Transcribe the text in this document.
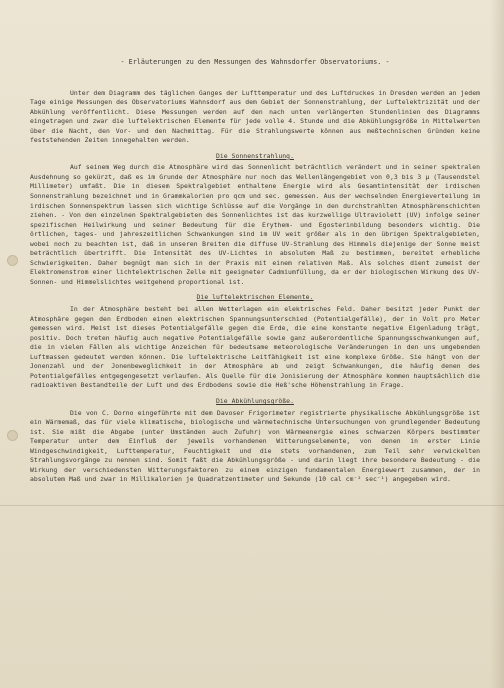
- Erläuterungen zu den Messungen des Wahnsdorfer Observatoriums. -

Unter dem Diagramm des täglichen Ganges der Lufttemperatur und des Luftdruckes in Dresden werden an jedem Tage einige Messungen des Observatoriums Wahnsdorf aus dem Gebiet der Sonnenstrahlung, der Luftelektrizität und der Abkühlung veröffentlicht. Diese Messungen werden auf den nach unten verlängerten Stundenlinien des Diagramms eingetragen und zwar die luftelektrischen Elemente für jede volle 4. Stunde und die Abkühlungsgröße in Mittelwerten über die Nacht, den Vor- und den Nachmittag. Für die Strahlungswerte können aus meßtechnischen Gründen keine feststehenden Zeiten innegehalten werden.

Die Sonnenstrahlung.

Auf seinem Weg durch die Atmosphäre wird das Sonnenlicht beträchtlich verändert und in seiner spektralen Ausdehnung so gekürzt, daß es im Grunde der Atmosphäre nur noch das Wellenlängengebiet von 0,3 bis 3 μ (Tausendstel Millimeter) umfaßt. Die in diesem Spektralgebiet enthaltene Energie wird als Gesamtintensität der irdischen Sonnenstrahlung bezeichnet und in Grammkalorien pro qcm und sec. gemessen. Aus der wechselnden Energieverteilung im irdischen Sonnenspektrum lassen sich wichtige Schlüsse auf die Vorgänge in den durchstrahlten Atmosphärenschichten ziehen. - Von den einzelnen Spektralgebieten des Sonnenlichtes ist das kurzwellige Ultraviolett (UV) infolge seiner spezifischen Heilwirkung und seiner Bedeutung für die Erythem- und Egosterinbildung besonders wichtig. Die örtlichen, tages- und jahreszeitlichen Schwankungen sind im UV weit größer als in den übrigen Spektralgebieten, wobei noch zu beachten ist, daß in unseren Breiten die diffuse UV-Strahlung des Himmels diejenige der Sonne meist beträchtlich übertrifft. Die Intensität des UV-Lichtes in absolutem Maß zu bestimmen, bereitet erhebliche Schwierigkeiten. Daher begnügt man sich in der Praxis mit einem relativen Maß. Als solches dient zumeist der Elektromenstrom einer lichtelektrischen Zelle mit geeigneter Cadmiumfüllung, da er der biologischen Wirkung des UV-Sonnen- und Himmelslichtes weitgehend proportional ist.

Die luftelektrischen Elemente.

In der Atmosphäre besteht bei allen Wetterlagen ein elektrisches Feld. Daher besitzt jeder Punkt der Atmosphäre gegen den Erdboden einen elektrischen Spannungsunterschied (Potentialgefälle), der in Volt pro Meter gemessen wird. Meist ist dieses Potentialgefälle gegen die Erde, die eine konstante negative Eigenladung trägt, positiv. Doch treten häufig auch negative Potentialgefälle sowie ganz außerordentliche Spannungsschwankungen auf, die in vielen Fällen als wichtige Anzeichen für bedeutsame meteorologische Veränderungen in den uns umgebenden Luftmassen gedeutet werden können. Die luftelektrische Leitfähigkeit ist eine komplexe Größe. Sie hängt von der Jonenzahl und der Jonenbeweglichkeit in der Atmosphäre ab und zeigt Schwankungen, die häufig denen des Potentialgefälles entgegengesetzt verlaufen. Als Quelle für die Jonisierung der Atmosphäre kommen hauptsächlich die radioaktiven Bestandteile der Luft und des Erdbodens sowie die Heß'sche Höhenstrahlung in Frage.

Die Abkühlungsgröße.

Die von C. Dorno eingeführte mit dem Davoser Frigorimeter registrierte physikalische Abkühlungsgröße ist ein Wärmemaß, das für viele klimatische, biologische und wärmetechnische Untersuchungen von grundlegender Bedeutung ist. Sie mißt die Abgabe (unter Umständen auch Zufuhr) von Wärmeenergie eines schwarzen Körpers bestimmter Temperatur unter dem Einfluß der jeweils vorhandenen Witterungselemente, von denen in erster Linie Windgeschwindigkeit, Lufttemperatur, Feuchtigkeit und die stets vorhandenen, zum Teil sehr verwickelten Strahlungsvorgänge zu nennen sind. Somit faßt die Abkühlungsgröße - und darin liegt ihre besondere Bedeutung - die Wirkung der verschiedensten Witterungsfaktoren zu einem einzigen fundamentalen Energiewert zusammen, der in absolutem Maß und zwar in Millikalorien je Quadratzentimeter und Sekunde (10 cal cm⁻² sec⁻¹) angegeben wird.
